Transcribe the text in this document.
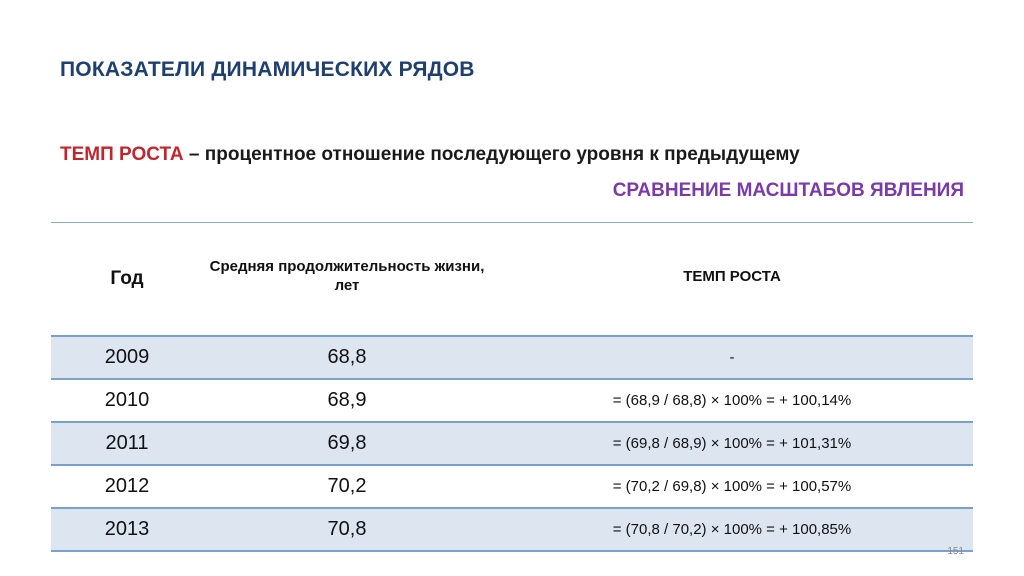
ПОКАЗАТЕЛИ ДИНАМИЧЕСКИХ РЯДОВ
ТЕМП РОСТА – процентное отношение последующего уровня к предыдущему
СРАВНЕНИЕ МАСШТАБОВ ЯВЛЕНИЯ
Год	Средняя продолжительность жизни, лет	ТЕМП РОСТА
2009	68,8	-
2010	68,9	= (68,9 / 68,8) × 100% = + 100,14%
2011	69,8	= (69,8 / 68,9) × 100% = + 101,31%
2012	70,2	= (70,2 / 69,8) × 100% = + 100,57%
2013	70,8	= (70,8 / 70,2) × 100% = + 100,85%
151
